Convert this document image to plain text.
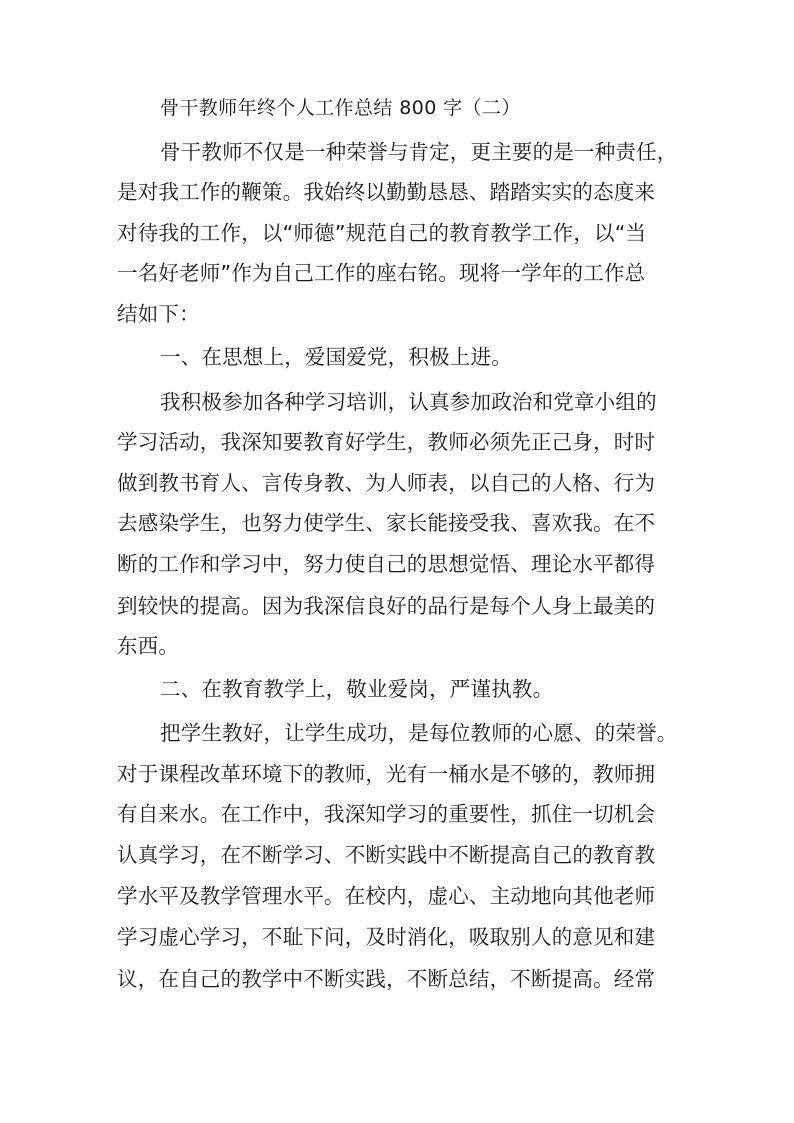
骨干教师年终个人工作总结 800 字（二）
骨干教师不仅是一种荣誉与肯定，更主要的是一种责任，
是对我工作的鞭策。我始终以勤勤恳恳、踏踏实实的态度来
对待我的工作，以“师德”规范自己的教育教学工作，以“当
一名好老师”作为自己工作的座右铭。现将一学年的工作总
结如下：
一、在思想上，爱国爱党，积极上进。
我积极参加各种学习培训，认真参加政治和党章小组的
学习活动，我深知要教育好学生，教师必须先正己身，时时
做到教书育人、言传身教、为人师表，以自己的人格、行为
去感染学生，也努力使学生、家长能接受我、喜欢我。在不
断的工作和学习中，努力使自己的思想觉悟、理论水平都得
到较快的提高。因为我深信良好的品行是每个人身上最美的
东西。
二、在教育教学上，敬业爱岗，严谨执教。
把学生教好，让学生成功，是每位教师的心愿、的荣誉。
对于课程改革环境下的教师，光有一桶水是不够的，教师拥
有自来水。在工作中，我深知学习的重要性，抓住一切机会
认真学习，在不断学习、不断实践中不断提高自己的教育教
学水平及教学管理水平。在校内，虚心、主动地向其他老师
学习虚心学习，不耻下问，及时消化，吸取别人的意见和建
议，在自己的教学中不断实践，不断总结，不断提高。经常
